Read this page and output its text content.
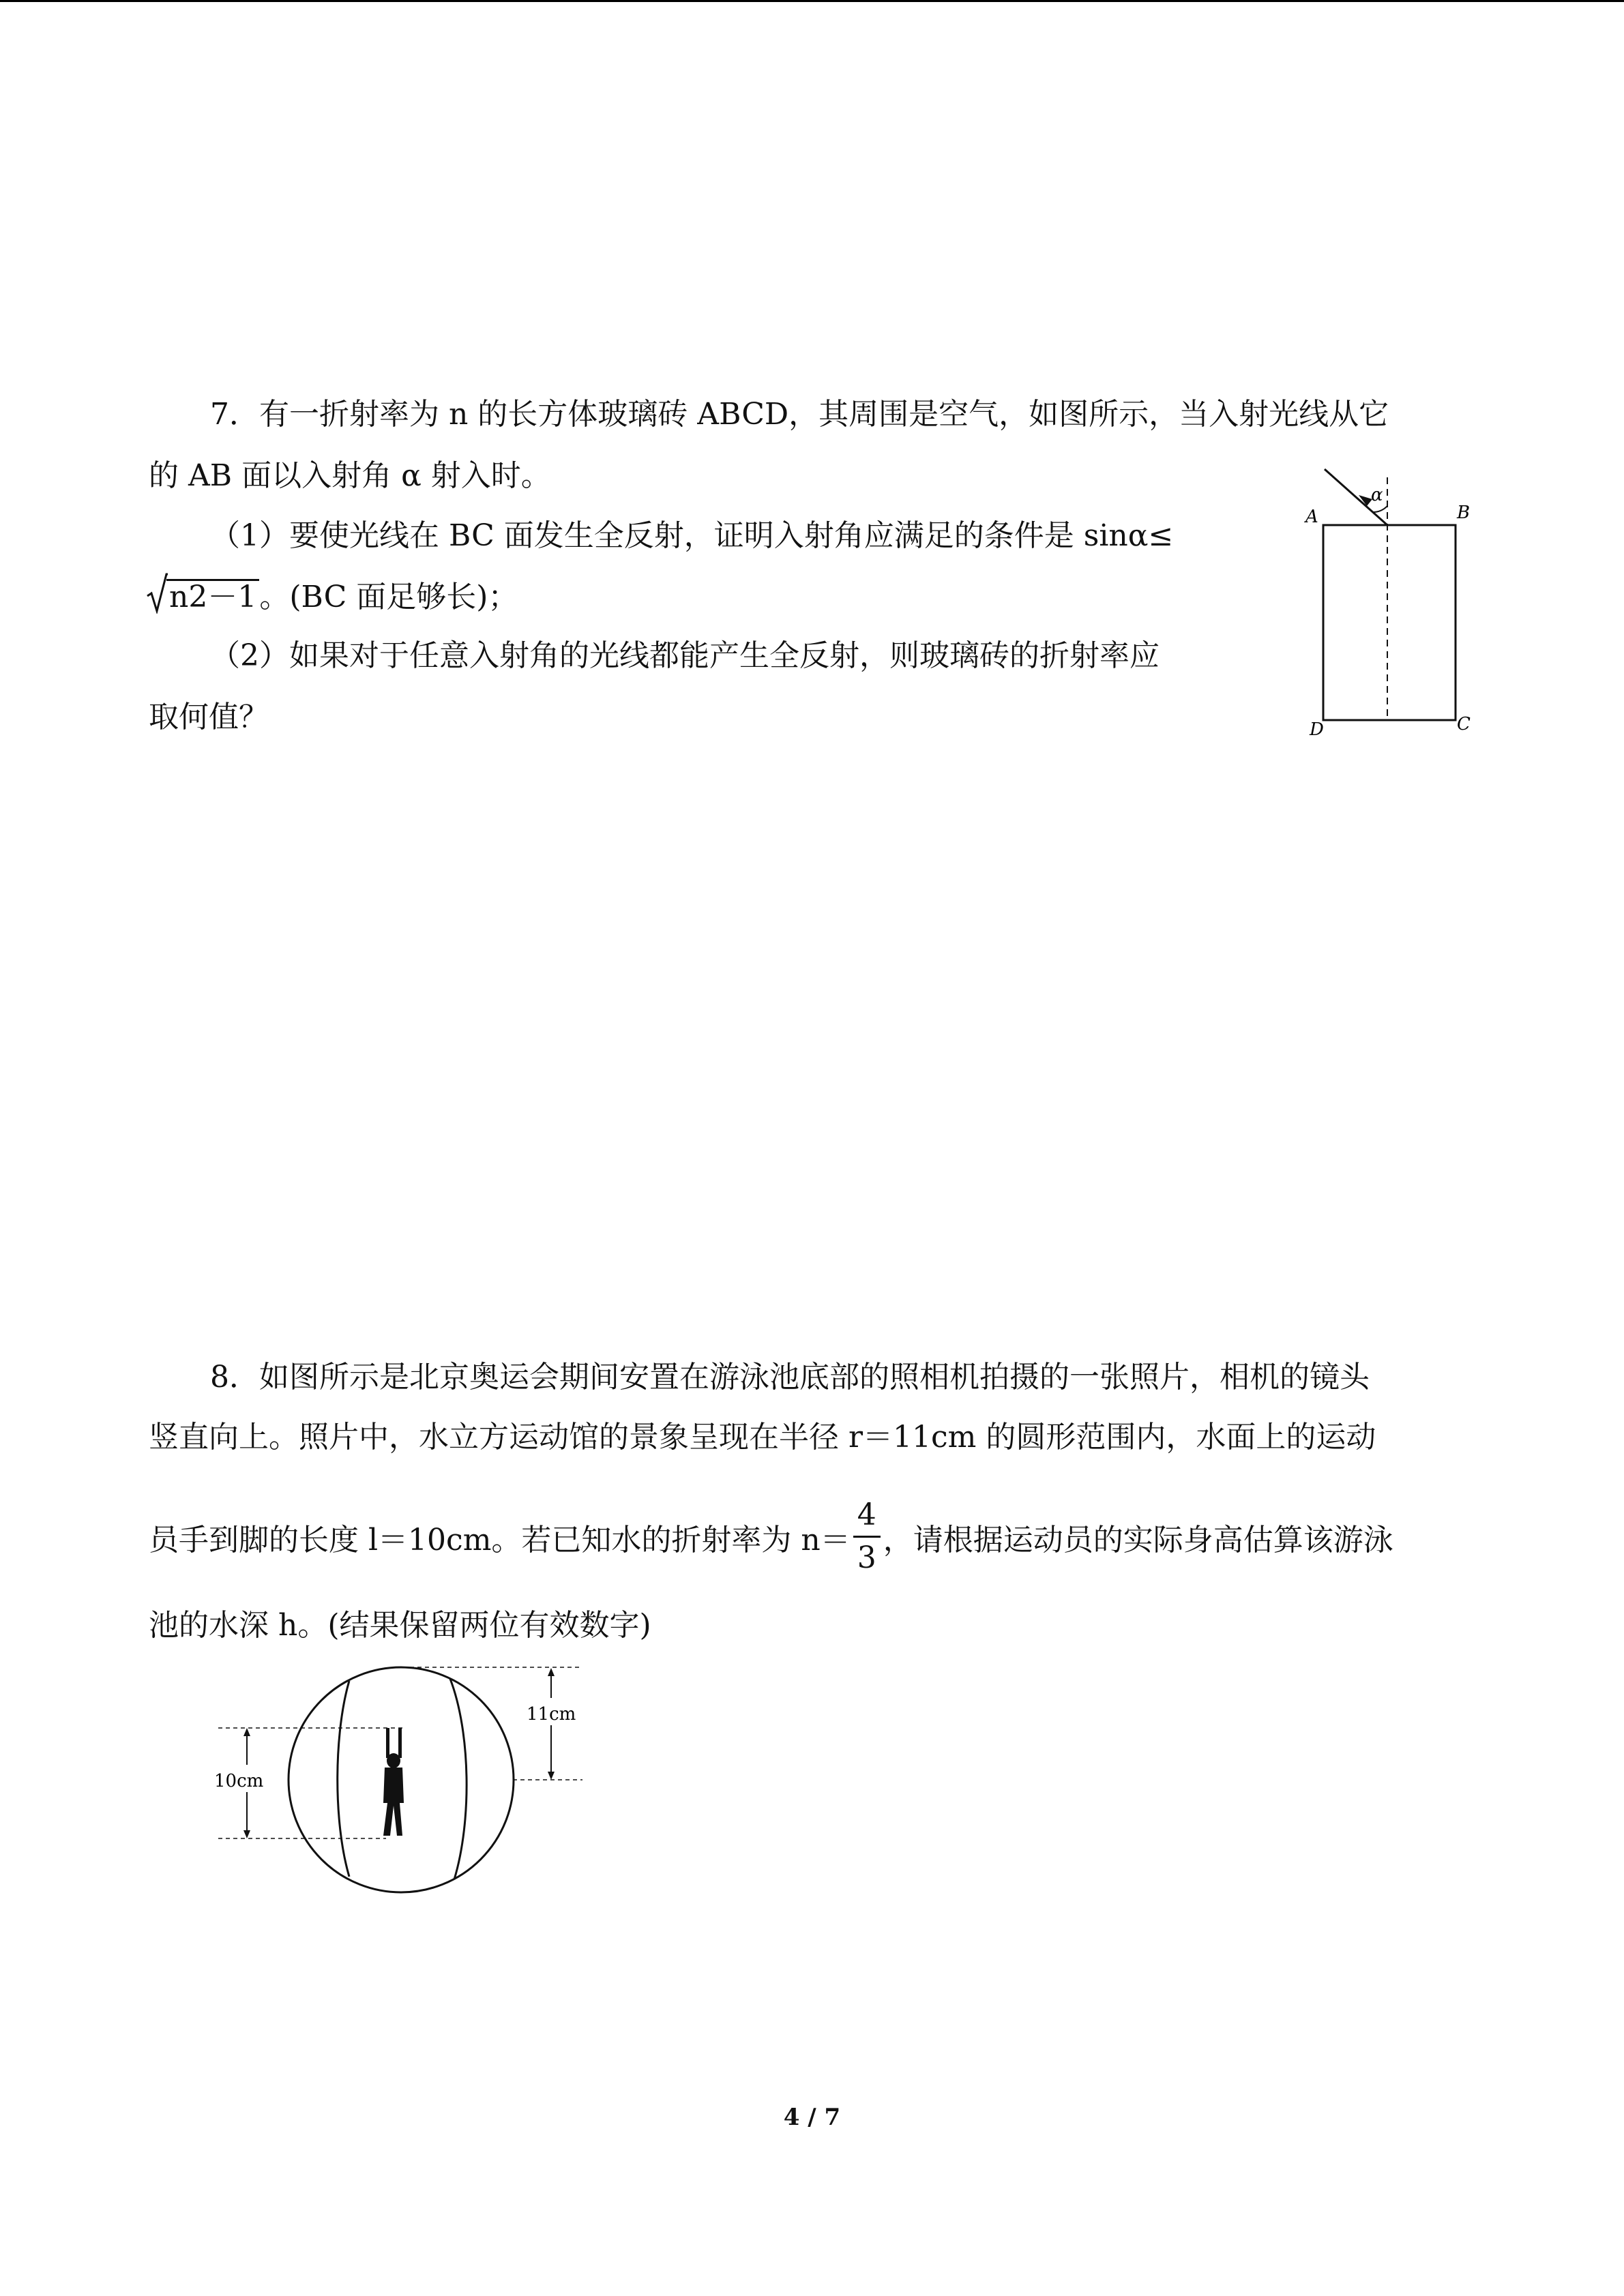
7．有一折射率为 n 的长方体玻璃砖 ABCD，其周围是空气，如图所示，当入射光线从它
的 AB 面以入射角 α 射入时。
（1）要使光线在 BC 面发生全反射，证明入射角应满足的条件是 sinα≤
n2－1。(BC 面足够长)；
（2）如果对于任意入射角的光线都能产生全反射，则玻璃砖的折射率应
取何值？
α
A	B
C
D
8．如图所示是北京奥运会期间安置在游泳池底部的照相机拍摄的一张照片，相机的镜头
竖直向上。照片中，水立方运动馆的景象呈现在半径 r＝11cm 的圆形范围内，水面上的运动
员手到脚的长度 l＝10cm。若已知水的折射率为 $n= \frac{4}{3}$ ，请根据运动员的实际身高估算该游泳
池的水深 h。(结果保留两位有效数字)
11cm
10cm
4 / 7
